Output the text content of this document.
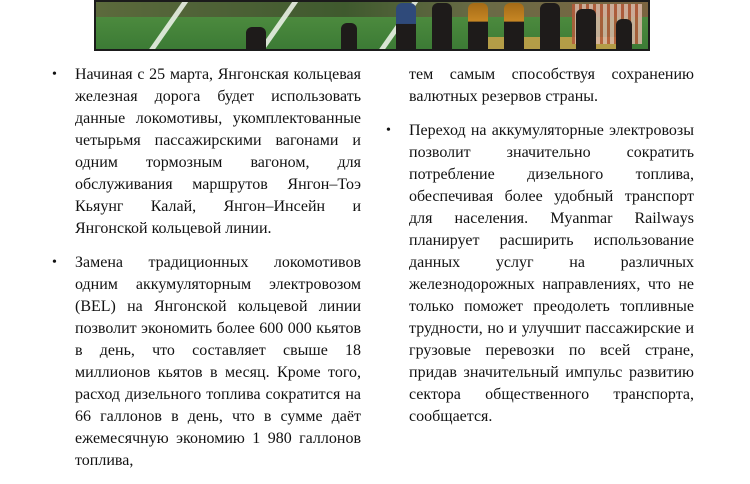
• Начиная с 25 марта, Янгонская кольцевая железная дорога будет использовать данные локомотивы, укомплектованные четырьмя пассажирскими вагонами и одним тормозным вагоном, для обслуживания маршрутов Янгон–Тоэ Кьяунг Калай, Янгон–Инсейн и Янгонской кольцевой линии.

• Замена традиционных локомотивов одним аккумуляторным электровозом (BEL) на Янгонской кольцевой линии позволит экономить более 600 000 кьятов в день, что составляет свыше 18 миллионов кьятов в месяц. Кроме того, расход дизельного топлива сократится на 66 галлонов в день, что в сумме даёт ежемесячную экономию 1 980 галлонов топлива,

тем самым способствуя сохранению валютных резервов страны.

• Переход на аккумуляторные электровозы позволит значительно сократить потребление дизельного топлива, обеспечивая более удобный транспорт для населения. Myanmar Railways планирует расширить использование данных услуг на различных железнодорожных направлениях, что не только поможет преодолеть топливные трудности, но и улучшит пассажирские и грузовые перевозки по всей стране, придав значительный импульс развитию сектора общественного транспорта, сообщается.
